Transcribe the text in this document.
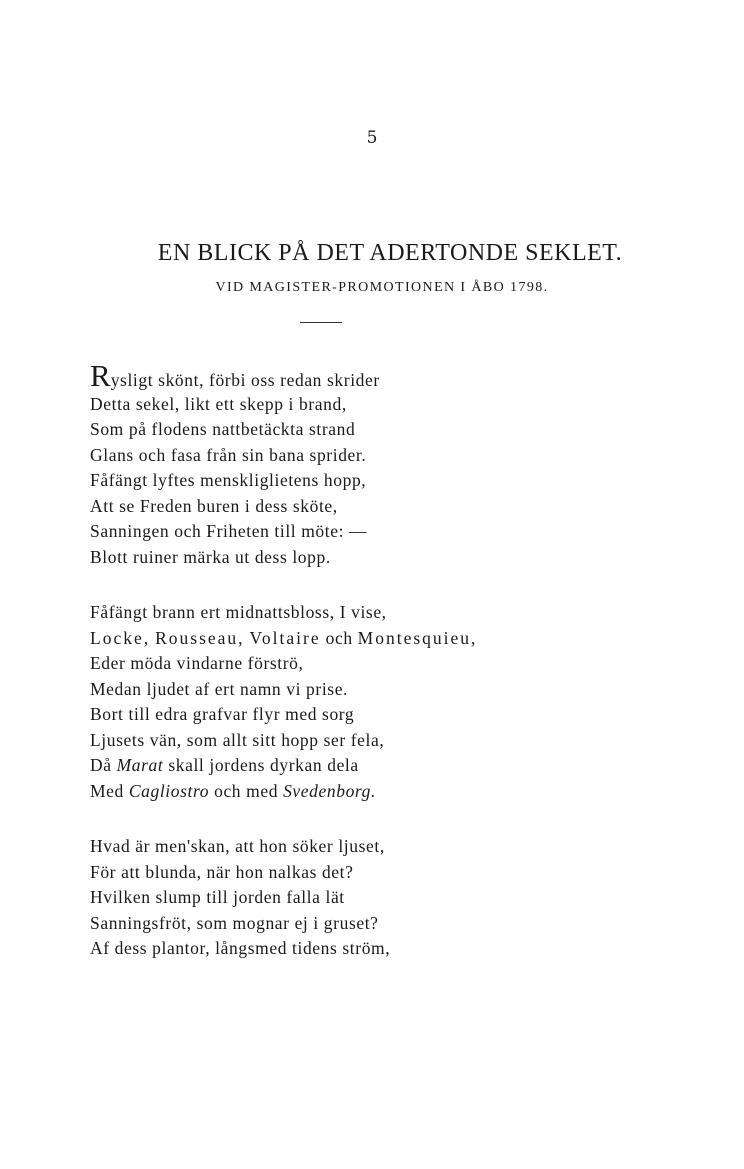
5
EN BLICK PÅ DET ADERTONDE SEKLET.
VID MAGISTER-PROMOTIONEN I ÅBO 1798.
Rysligt skönt, förbi oss redan skrider
Detta sekel, likt ett skepp i brand,
Som på flodens nattbetäckta strand
Glans och fasa från sin bana sprider.
Fåfängt lyftes menskliglietens hopp,
Att se Freden buren i dess sköte,
Sanningen och Friheten till möte: —
Blott ruiner märka ut dess lopp.
Fåfängt brann ert midnattsbloss, I vise,
Locke, Rousseau, Voltaire och Montesquieu,
Eder möda vindarne förströ,
Medan ljudet af ert namn vi prise.
Bort till edra grafvar flyr med sorg
Ljusets vän, som allt sitt hopp ser fela,
Då Marat skall jordens dyrkan dela
Med Cagliostro och med Svedenborg.
Hvad är men'skan, att hon söker ljuset,
För att blunda, när hon nalkas det?
Hvilken slump till jorden falla lät
Sanningsfröt, som mognar ej i gruset?
Af dess plantor, långsmed tidens ström,
